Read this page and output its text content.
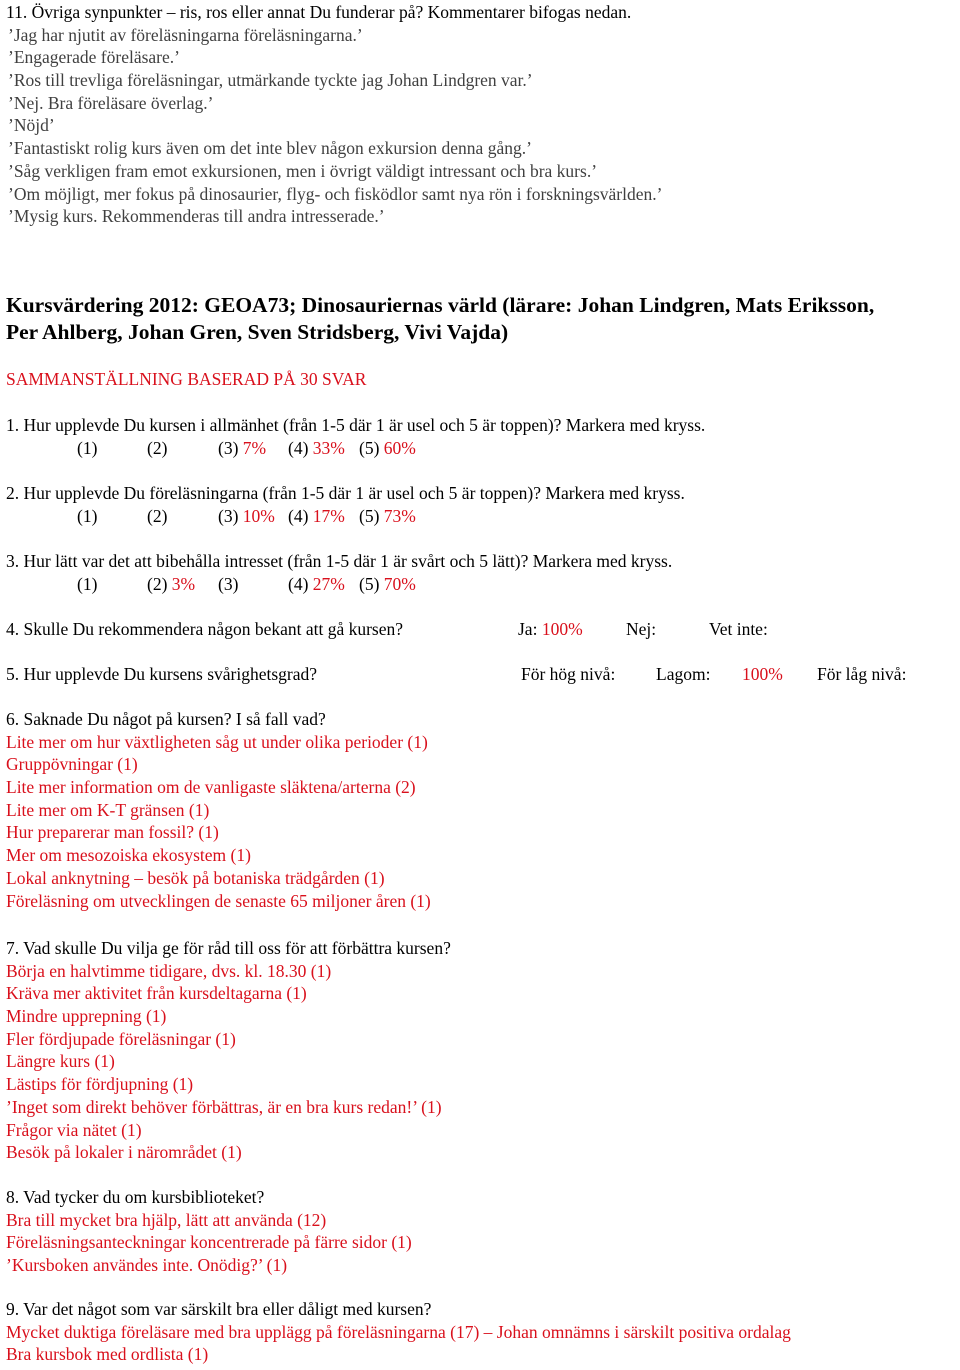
11. Övriga synpunkter – ris, ros eller annat Du funderar på? Kommentarer bifogas nedan.
’Jag har njutit av föreläsningarna föreläsningarna.’
’Engagerade föreläsare.’
’Ros till trevliga föreläsningar, utmärkande tyckte jag Johan Lindgren var.’
’Nej. Bra föreläsare överlag.’
’Nöjd’
’Fantastiskt rolig kurs även om det inte blev någon exkursion denna gång.’
’Såg verkligen fram emot exkursionen, men i övrigt väldigt intressant och bra kurs.’
’Om möjligt, mer fokus på dinosaurier, flyg- och fisködlor samt nya rön i forskningsvärlden.’
’Mysig kurs. Rekommenderas till andra intresserade.’
Kursvärdering 2012: GEOA73; Dinosauriernas värld (lärare: Johan Lindgren, Mats Eriksson,
Per Ahlberg, Johan Gren, Sven Stridsberg, Vivi Vajda)
SAMMANSTÄLLNING BASERAD PÅ 30 SVAR
1. Hur upplevde Du kursen i allmänhet (från 1-5 där 1 är usel och 5 är toppen)? Markera med kryss.
(1)	(2)	(3) 7% (4) 33% (5) 60%
2. Hur upplevde Du föreläsningarna (från 1-5 där 1 är usel och 5 är toppen)? Markera med kryss.
(1)	(2)	(3) 10% (4) 17% (5) 73%
3. Hur lätt var det att bibehålla intresset (från 1-5 där 1 är svårt och 5 lätt)? Markera med kryss.
(1)	(2) 3% (3)	(4) 27% (5) 70%
4. Skulle Du rekommendera någon bekant att gå kursen?	Ja: 100% Nej:	Vet inte:
5. Hur upplevde Du kursens svårighetsgrad?	För hög nivå: Lagom: 100% För låg nivå:
6. Saknade Du något på kursen? I så fall vad?
Lite mer om hur växtligheten såg ut under olika perioder (1)
Gruppövningar (1)
Lite mer information om de vanligaste släktena/arterna (2)
Lite mer om K-T gränsen (1)
Hur preparerar man fossil? (1)
Mer om mesozoiska ekosystem (1)
Lokal anknytning – besök på botaniska trädgården (1)
Föreläsning om utvecklingen de senaste 65 miljoner åren (1)
7. Vad skulle Du vilja ge för råd till oss för att förbättra kursen?
Börja en halvtimme tidigare, dvs. kl. 18.30 (1)
Kräva mer aktivitet från kursdeltagarna (1)
Mindre upprepning (1)
Fler fördjupade föreläsningar (1)
Längre kurs (1)
Lästips för fördjupning (1)
’Inget som direkt behöver förbättras, är en bra kurs redan!’ (1)
Frågor via nätet (1)
Besök på lokaler i närområdet (1)
8. Vad tycker du om kursbiblioteket?
Bra till mycket bra hjälp, lätt att använda (12)
Föreläsningsanteckningar koncentrerade på färre sidor (1)
’Kursboken användes inte. Onödig?’ (1)
9. Var det något som var särskilt bra eller dåligt med kursen?
Mycket duktiga föreläsare med bra upplägg på föreläsningarna (17) – Johan omnämns i särskilt positiva ordalag
Bra kursbok med ordlista (1)
